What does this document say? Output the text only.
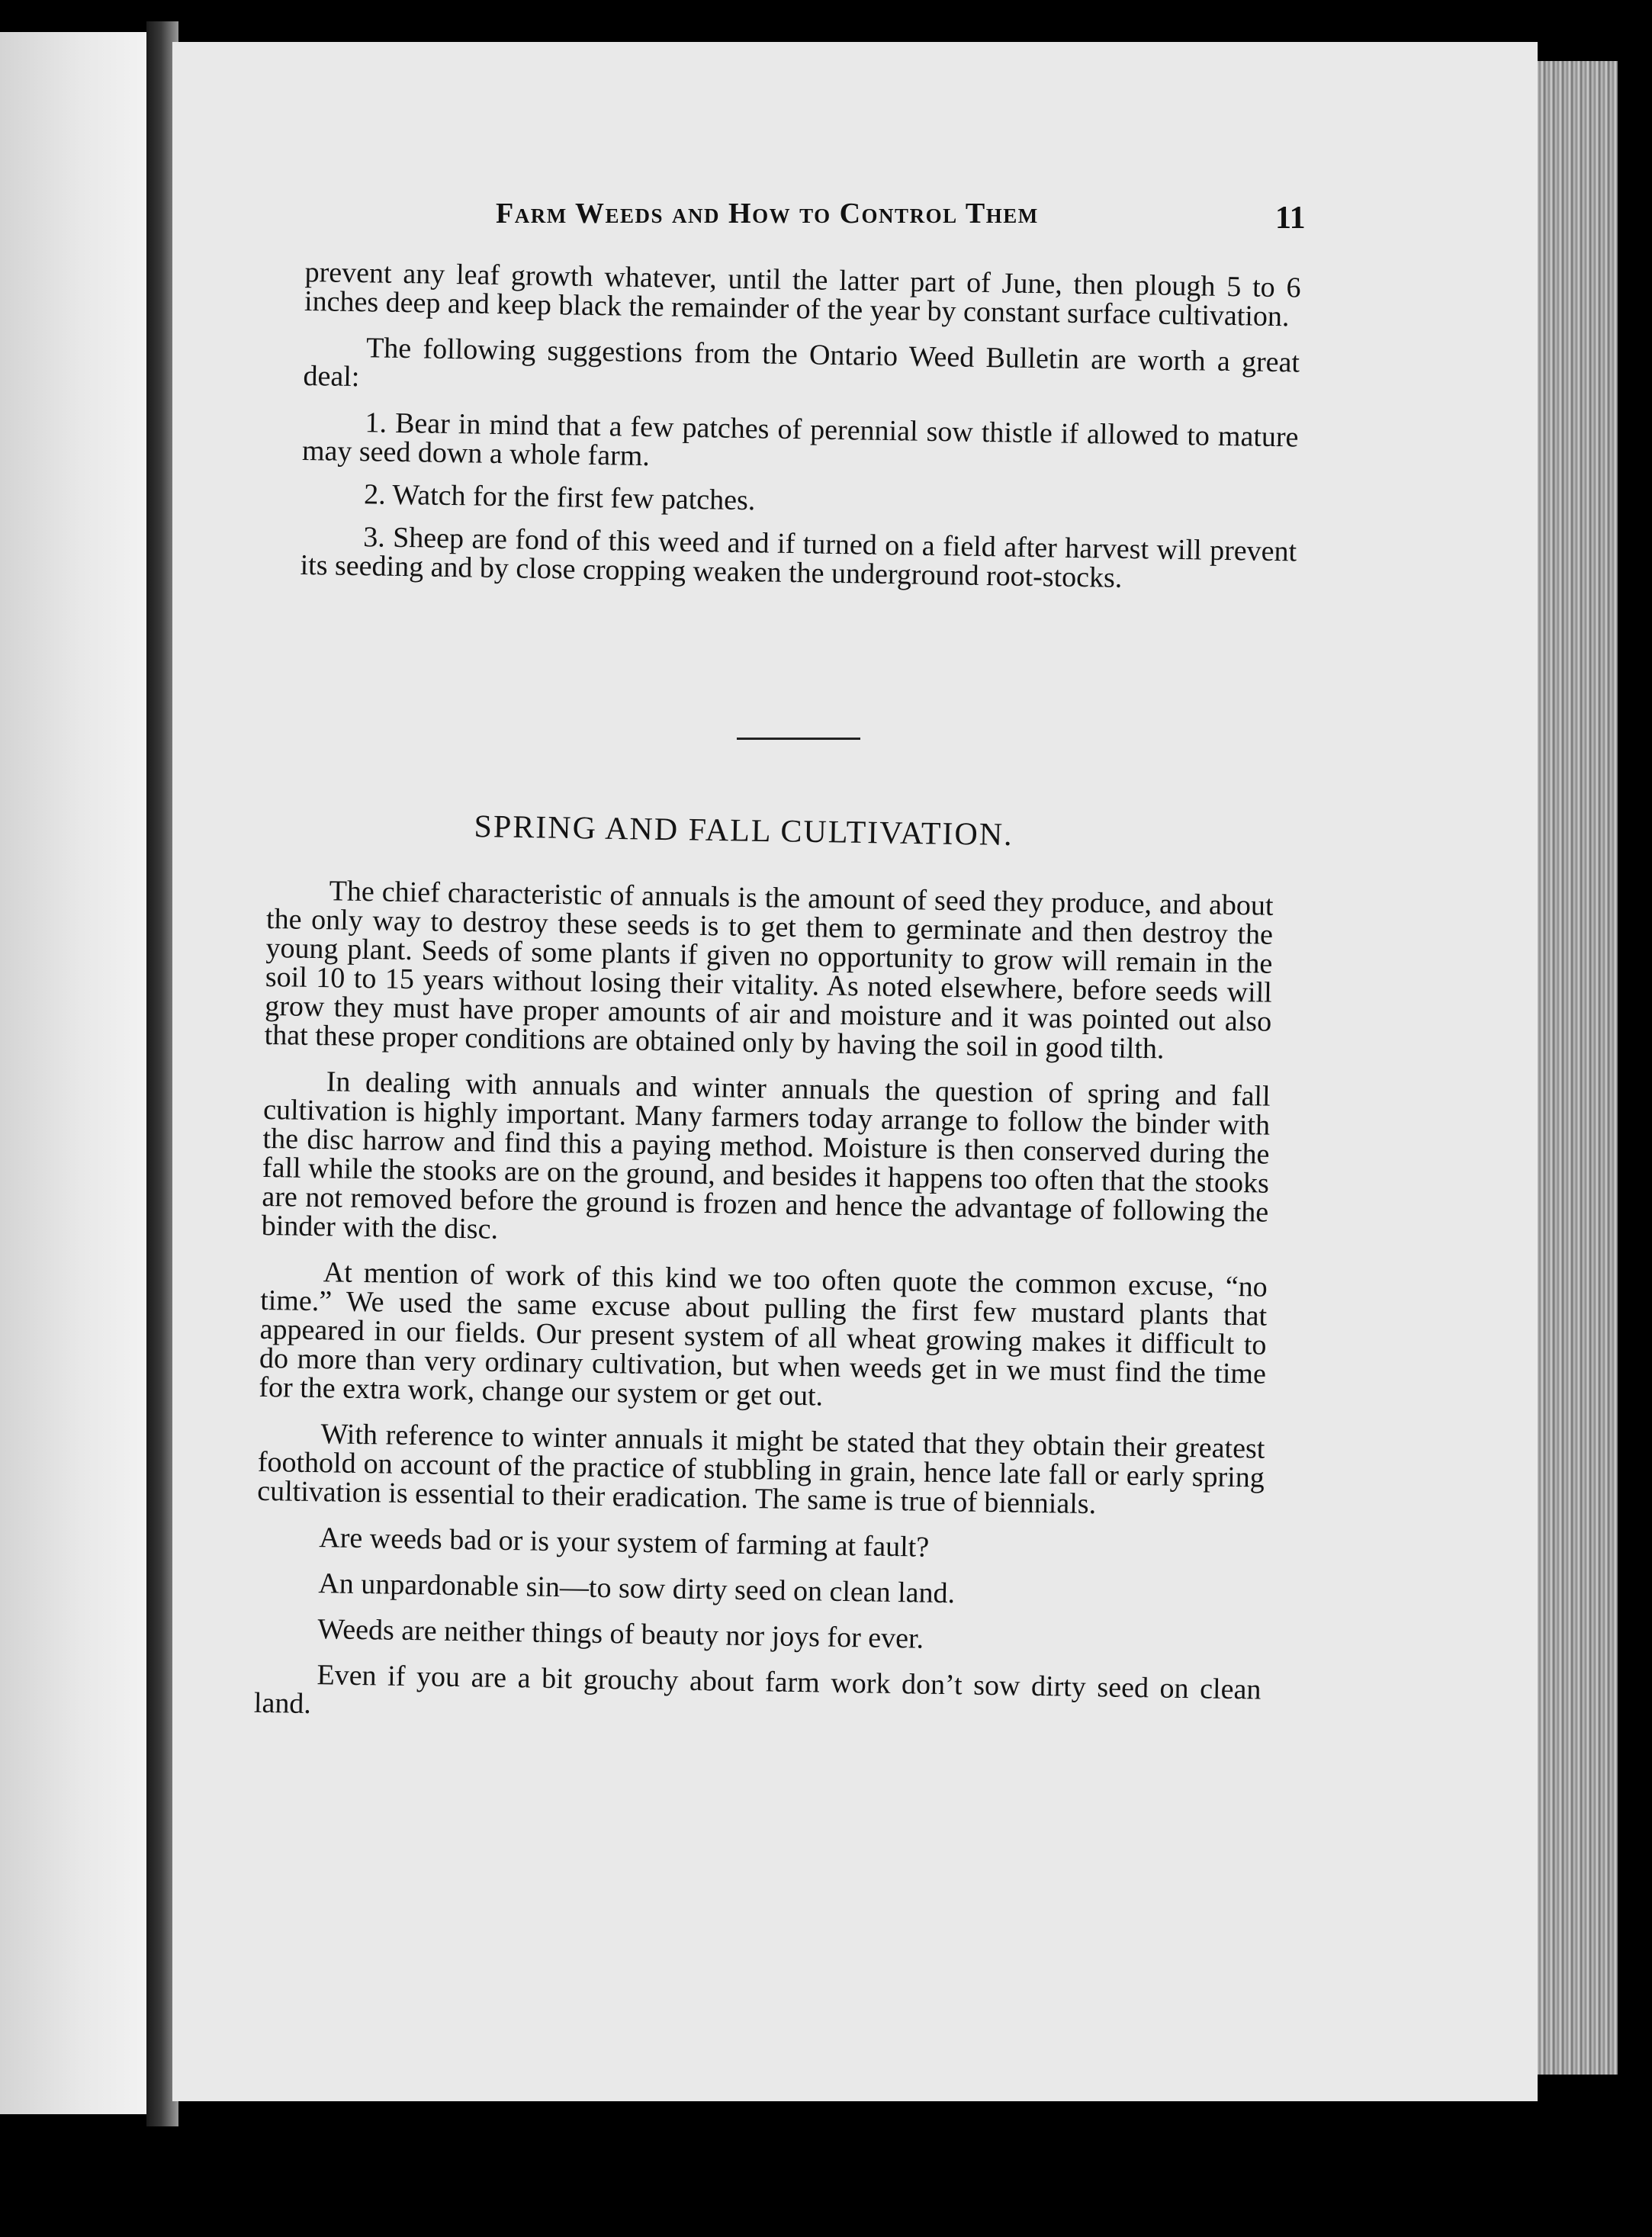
Farm Weeds and How to Control Them	11

prevent any leaf growth whatever, until the latter part of June, then plough 5 to 6 inches deep and keep black the remainder of the year by constant surface cultivation.

The following suggestions from the Ontario Weed Bulletin are worth a great deal:

1. Bear in mind that a few patches of perennial sow thistle if allowed to mature may seed down a whole farm.

2. Watch for the first few patches.

3. Sheep are fond of this weed and if turned on a field after harvest will prevent its seeding and by close cropping weaken the underground root-stocks.

SPRING AND FALL CULTIVATION.

The chief characteristic of annuals is the amount of seed they produce, and about the only way to destroy these seeds is to get them to germinate and then destroy the young plant. Seeds of some plants if given no opportunity to grow will remain in the soil 10 to 15 years without losing their vitality. As noted elsewhere, before seeds will grow they must have proper amounts of air and moisture and it was pointed out also that these proper conditions are obtained only by having the soil in good tilth.

In dealing with annuals and winter annuals the question of spring and fall cultivation is highly important. Many farmers today arrange to follow the binder with the disc harrow and find this a paying method. Moisture is then conserved during the fall while the stooks are on the ground, and besides it happens too often that the stooks are not removed before the ground is frozen and hence the advantage of following the binder with the disc.

At mention of work of this kind we too often quote the common excuse, “no time.” We used the same excuse about pulling the first few mustard plants that appeared in our fields. Our present system of all wheat growing makes it difficult to do more than very ordinary cultivation, but when weeds get in we must find the time for the extra work, change our system or get out.

With reference to winter annuals it might be stated that they obtain their greatest foothold on account of the practice of stubbling in grain, hence late fall or early spring cultivation is essential to their eradication. The same is true of biennials.

Are weeds bad or is your system of farming at fault?

An unpardonable sin—to sow dirty seed on clean land.

Weeds are neither things of beauty nor joys for ever.

Even if you are a bit grouchy about farm work don’t sow dirty seed on clean land.
